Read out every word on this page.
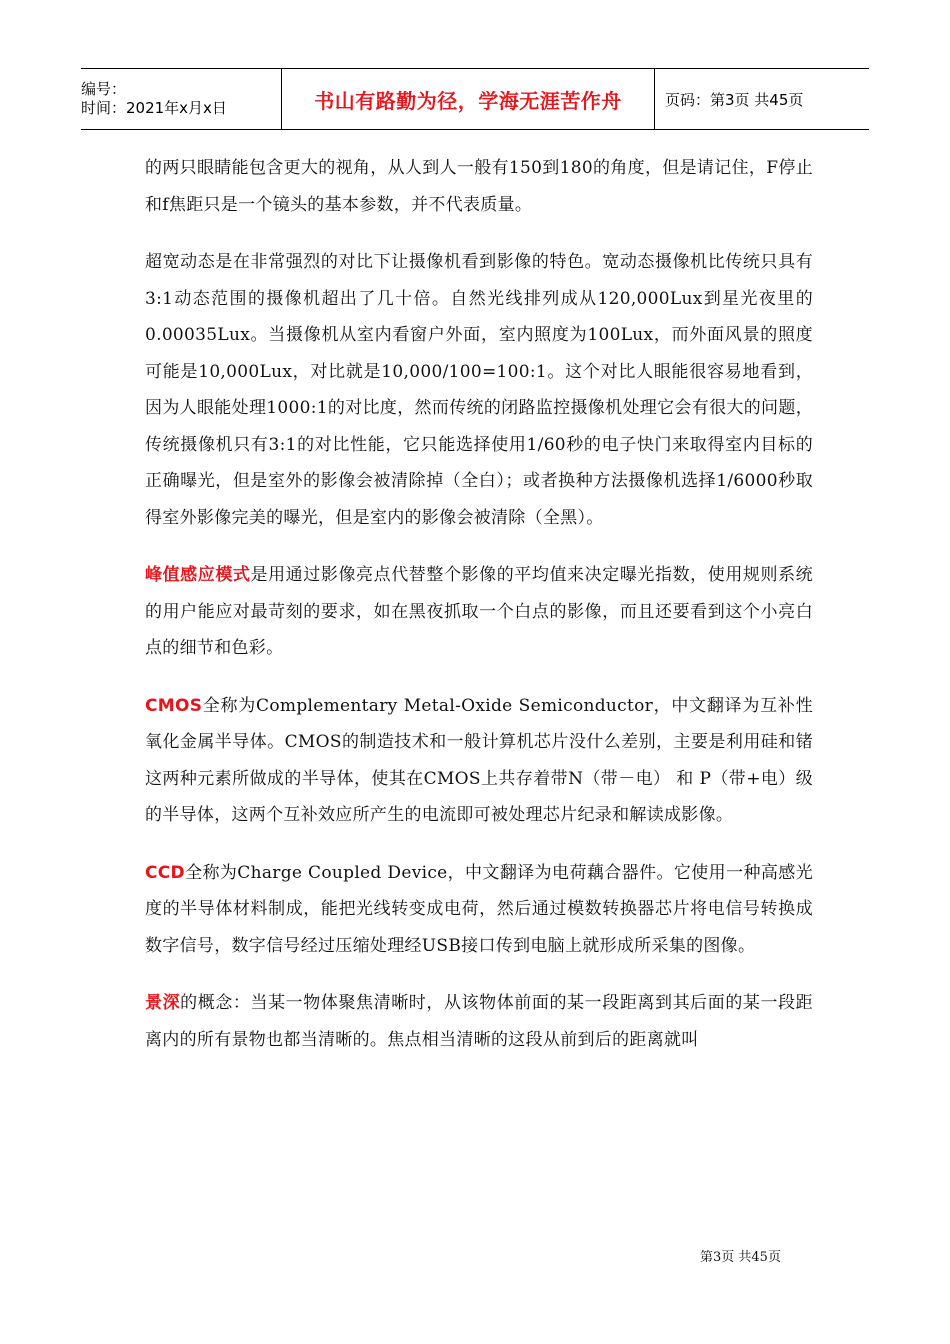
编号：
时间：2021年x月x日	书山有路勤为径，学海无涯苦作舟	页码：第3页 共45页

的两只眼睛能包含更大的视角，从人到人一般有150到180的角度，但是请记住，F停止和f焦距只是一个镜头的基本参数，并不代表质量。

超宽动态是在非常强烈的对比下让摄像机看到影像的特色。宽动态摄像机比传统只具有3:1动态范围的摄像机超出了几十倍。自然光线排列成从120,000Lux到星光夜里的0.00035Lux。当摄像机从室内看窗户外面，室内照度为100Lux，而外面风景的照度可能是10,000Lux，对比就是10,000/100=100:1。这个对比人眼能很容易地看到，因为人眼能处理1000:1的对比度，然而传统的闭路监控摄像机处理它会有很大的问题，传统摄像机只有3:1的对比性能，它只能选择使用1/60秒的电子快门来取得室内目标的正确曝光，但是室外的影像会被清除掉（全白）；或者换种方法摄像机选择1/6000秒取得室外影像完美的曝光，但是室内的影像会被清除（全黑）。

峰值感应模式是用通过影像亮点代替整个影像的平均值来决定曝光指数，使用规则系统的用户能应对最苛刻的要求，如在黑夜抓取一个白点的影像，而且还要看到这个小亮白点的细节和色彩。

CMOS全称为Complementary Metal-Oxide Semiconductor，中文翻译为互补性氧化金属半导体。CMOS的制造技术和一般计算机芯片没什么差别，主要是利用硅和锗这两种元素所做成的半导体，使其在CMOS上共存着带N（带－电） 和 P（带+电）级的半导体，这两个互补效应所产生的电流即可被处理芯片纪录和解读成影像。

CCD全称为Charge Coupled Device，中文翻译为电荷藕合器件。它使用一种高感光度的半导体材料制成，能把光线转变成电荷，然后通过模数转换器芯片将电信号转换成数字信号，数字信号经过压缩处理经USB接口传到电脑上就形成所采集的图像。

景深的概念：当某一物体聚焦清晰时，从该物体前面的某一段距离到其后面的某一段距离内的所有景物也都当清晰的。焦点相当清晰的这段从前到后的距离就叫

第3页 共45页
